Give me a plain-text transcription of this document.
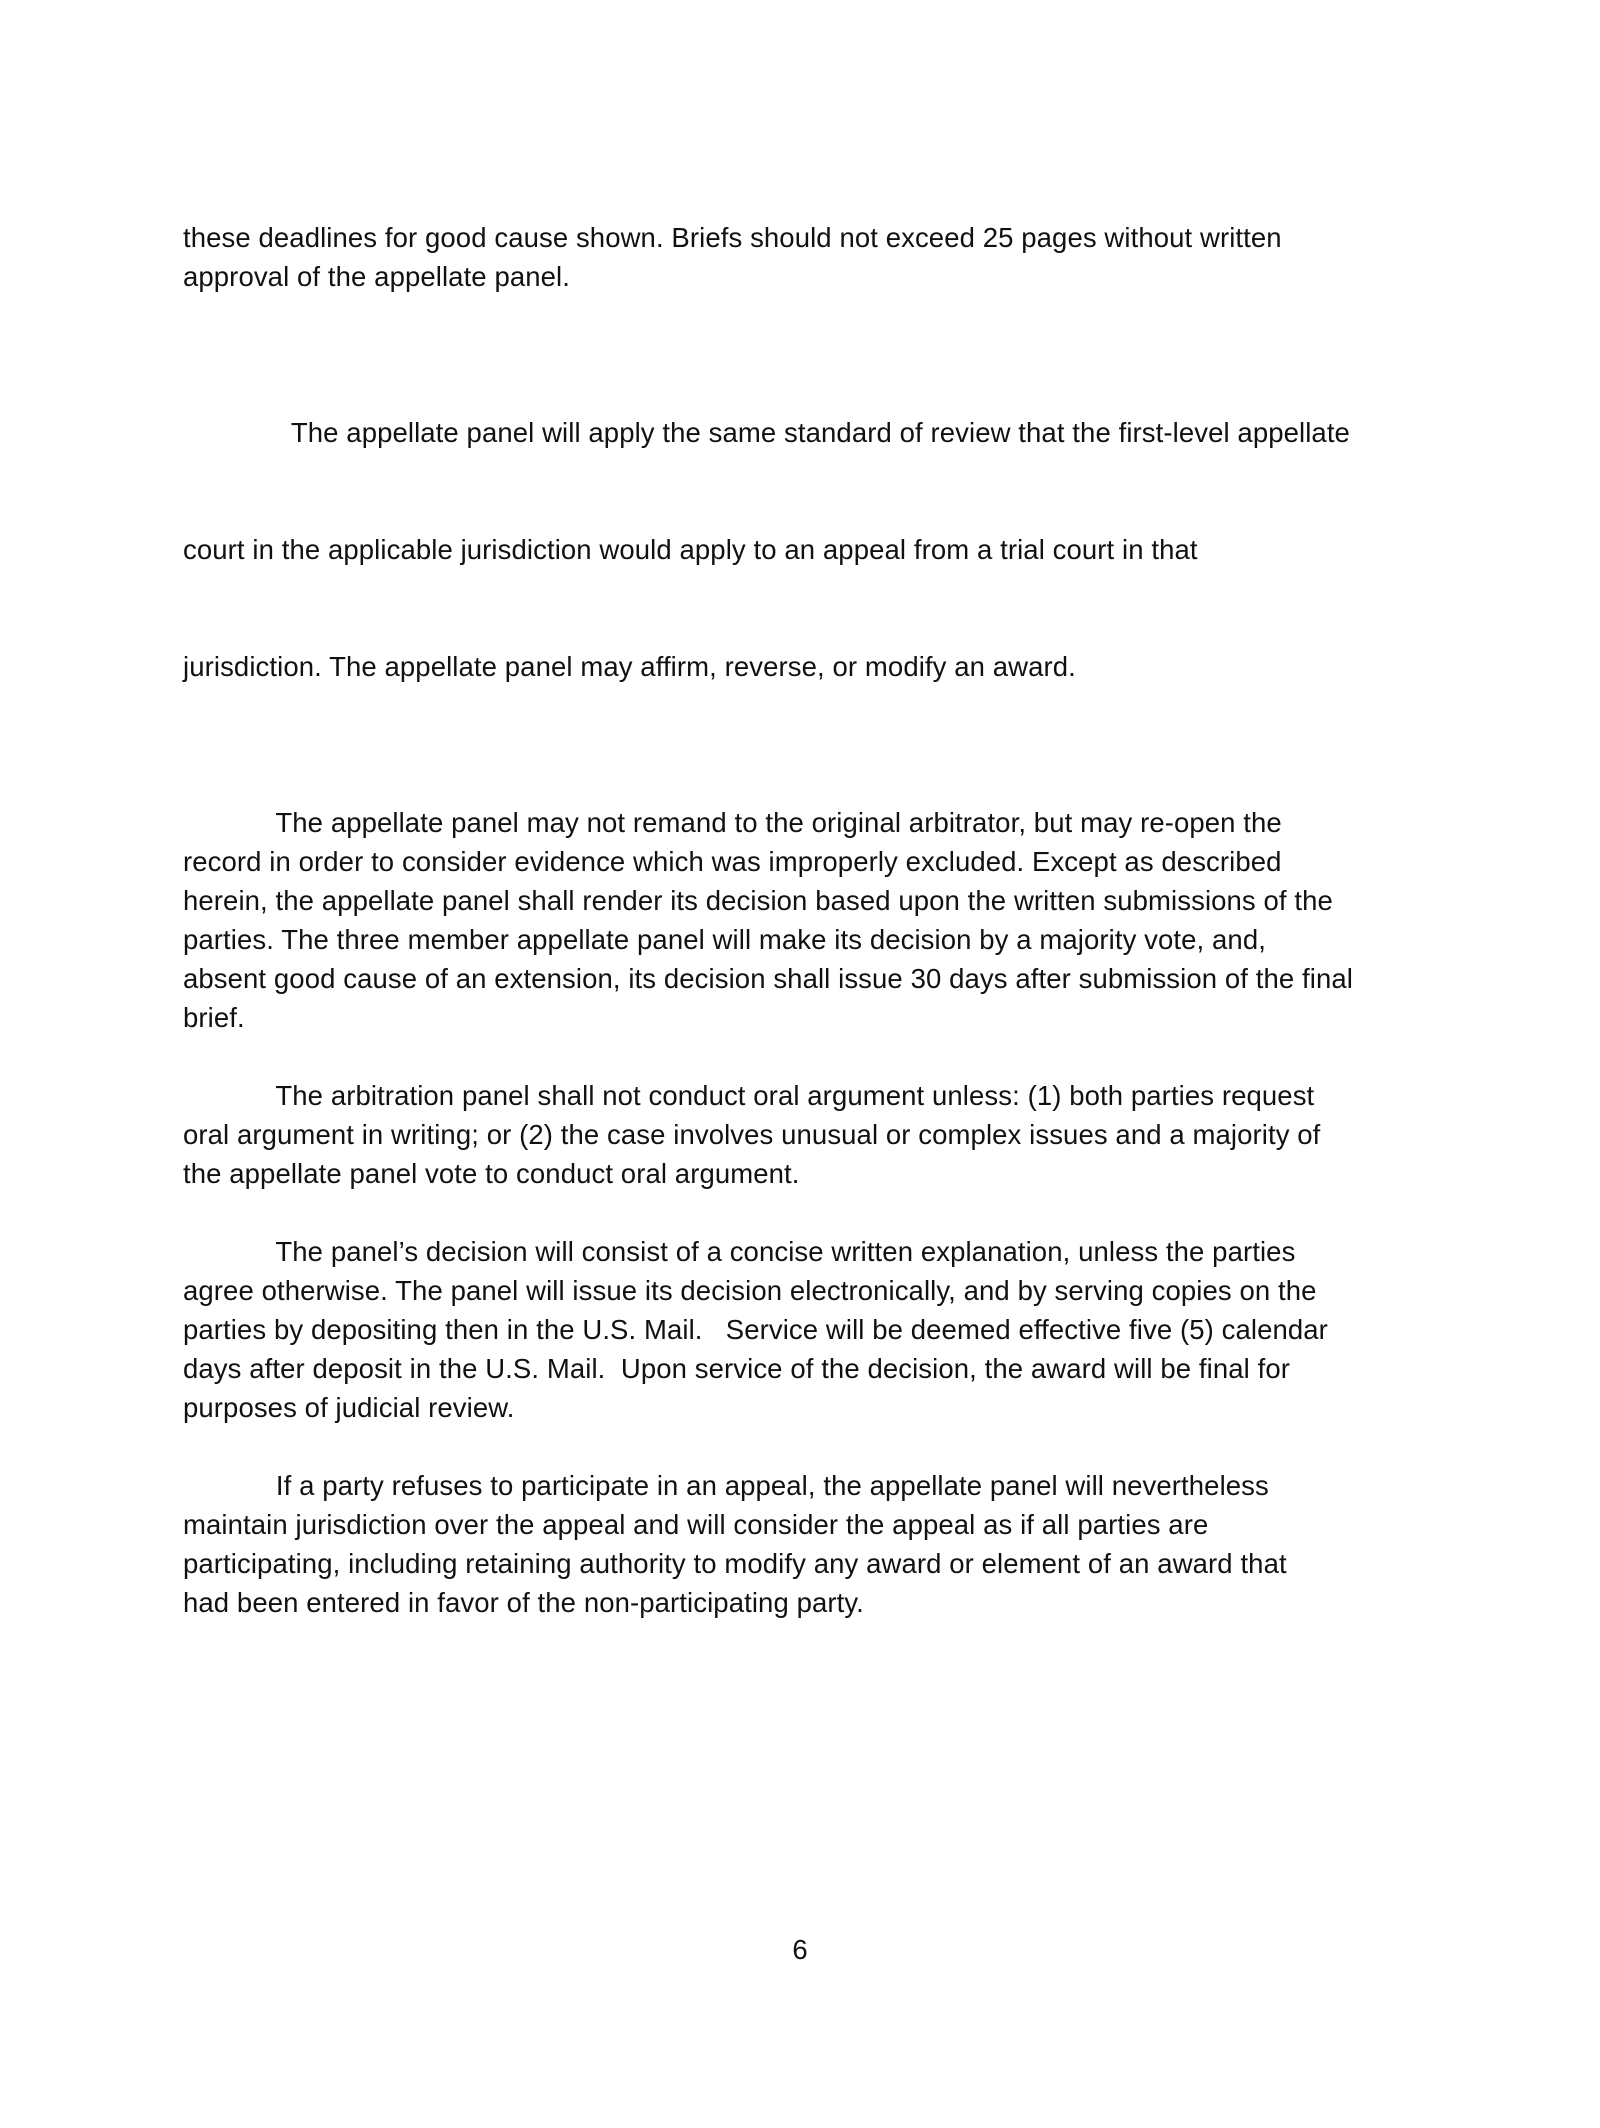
these deadlines for good cause shown. Briefs should not exceed 25 pages without written
approval of the appellate panel.

The appellate panel will apply the same standard of review that the first-level appellate

court in the applicable jurisdiction would apply to an appeal from a trial court in that

jurisdiction. The appellate panel may affirm, reverse, or modify an award.

The appellate panel may not remand to the original arbitrator, but may re-open the
record in order to consider evidence which was improperly excluded. Except as described
herein, the appellate panel shall render its decision based upon the written submissions of the
parties. The three member appellate panel will make its decision by a majority vote, and,
absent good cause of an extension, its decision shall issue 30 days after submission of the final
brief.

The arbitration panel shall not conduct oral argument unless: (1) both parties request
oral argument in writing; or (2) the case involves unusual or complex issues and a majority of
the appellate panel vote to conduct oral argument.

The panel’s decision will consist of a concise written explanation, unless the parties
agree otherwise. The panel will issue its decision electronically, and by serving copies on the
parties by depositing then in the U.S. Mail.   Service will be deemed effective five (5) calendar
days after deposit in the U.S. Mail.  Upon service of the decision, the award will be final for
purposes of judicial review.

If a party refuses to participate in an appeal, the appellate panel will nevertheless
maintain jurisdiction over the appeal and will consider the appeal as if all parties are
participating, including retaining authority to modify any award or element of an award that
had been entered in favor of the non-participating party.

6
